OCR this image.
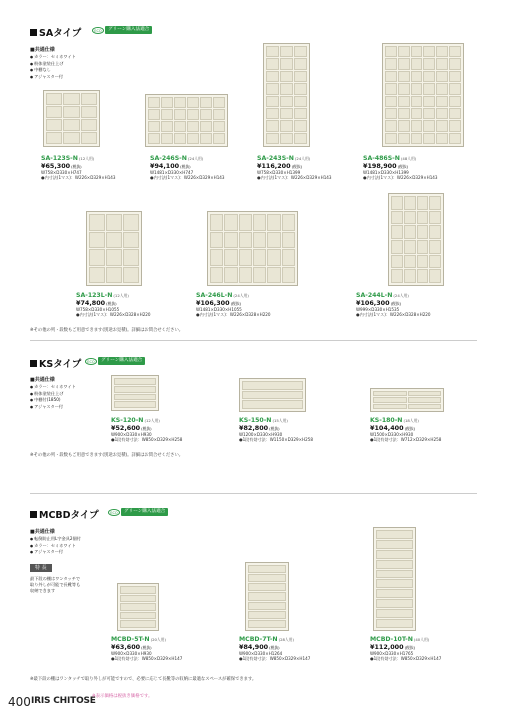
SAタイプ	ECO	グリーン購入法適合
■共通仕様
● カラー：セミホワイト
● 粉体塗装仕上げ
● 中棚なし
● アジャスター付
SA-123S-N(12人用)
¥65,300(税抜)
W758×D330×H747
●内寸法(1マス)：W226×D329×H143
SA-246S-N(24人用)
¥94,100(税抜)
W1481×D330×H747
●内寸法(1マス)：W226×D329×H143
SA-243S-N(24人用)
¥116,200(税抜)
W758×D330×H1399
●内寸法(1マス)：W226×D329×H143
SA-486S-N(48人用)
¥198,900(税抜)
W1481×D330×H1399
●内寸法(1マス)：W226×D329×H143
SA-123L-N(12人用)
¥74,800(税抜)
W758×D330×H1055
●内寸法(1マス)：W226×D328×H220
SA-246L-N(24人用)
¥106,300(税抜)
W1481×D330×H1055
●内寸法(1マス)：W226×D328×H220
SA-244L-N(24人用)
¥106,300(税抜)
W999×D330×H1535
●内寸法(1マス)：W226×D328×H220
※その他の列・段数もご用意できます(別途お見積)。詳細はお問合せください。
KSタイプ	ECO	グリーン購入法適合
■共通仕様
● カラー：セミホワイト
● 粉体塗装仕上げ
● 中棚付(1850)
● アジャスター付
KS-120-N(12人用)
¥52,600(税抜)
W900×D330×H930
●1段有効寸法：W850×D329×H258
KS-150-N(15人用)
¥82,800(税抜)
W1200×D330×H930
●1段有効寸法：W1150×D329×H258
KS-180-N(18人用)
¥104,400(税抜)
W1500×D330×H930
●1段有効寸法：W712×D329×H258
※その他の列・段数もご用意できます(別途お見積)。詳細はお問合せください。
MCBDタイプ	ECO	グリーン購入法適合
■共通仕様
● 転倒防止用L字金具2個付
● カラー：セミホワイト
● アジャスター付
特 長
最下段の棚はワンタッチで
取り外しが可能で長靴等も
収納できます
MCBD-5T-N(20人用)
¥63,600(税抜)
W900×D330×H930
●1段有効寸法：W850×D329×H147
MCBD-7T-N(28人用)
¥84,900(税抜)
W900×D330×H1264
●1段有効寸法：W850×D329×H147
MCBD-10T-N(40人用)
¥112,000(税抜)
W900×D330×H1765
●1段有効寸法：W850×D329×H147
※最下段の棚はワンタッチで取り外しが可能ですので、必要に応じて長靴等の収納に最適なスペースが確保できます。
400 IRIS CHITOSE
※表示価格は税抜き価格です。
